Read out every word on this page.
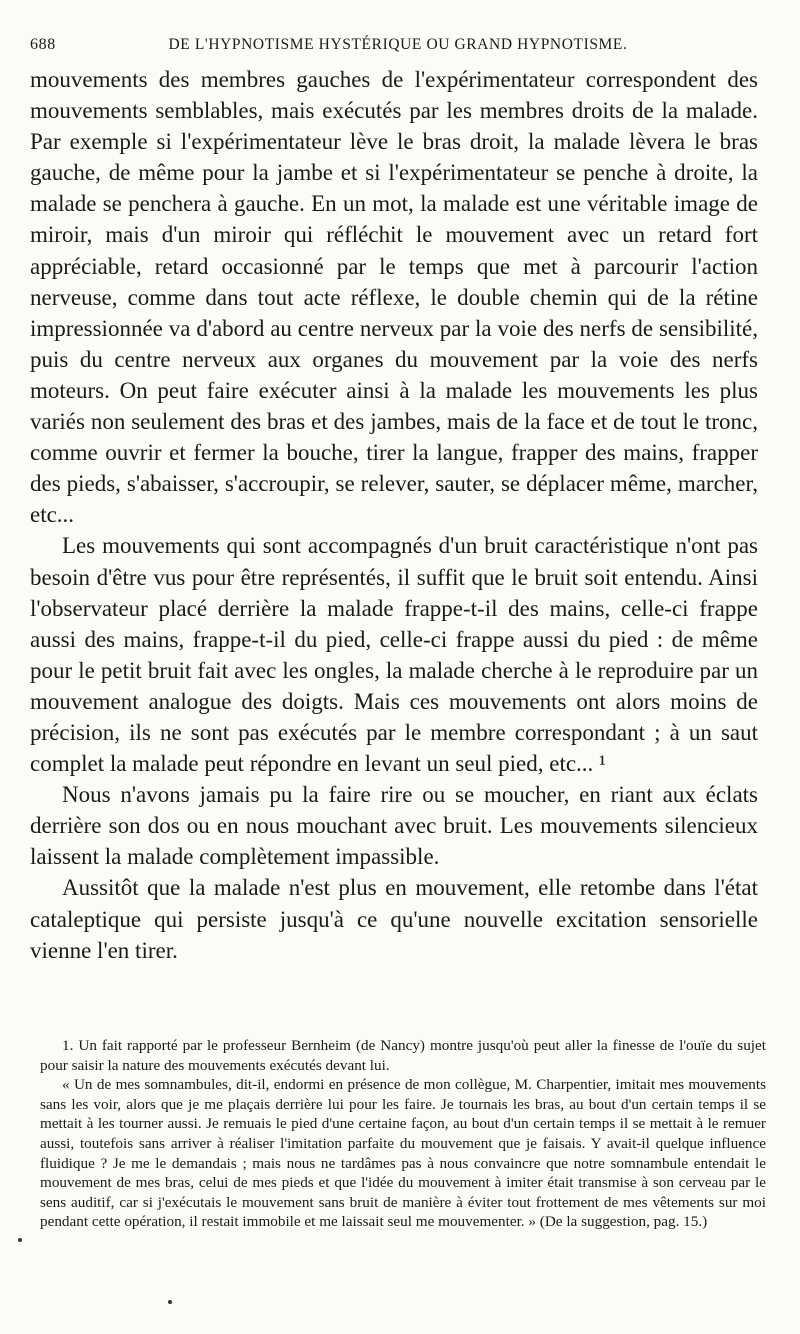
688	DE L'HYPNOTISME HYSTÉRIQUE OU GRAND HYPNOTISME.

mouvements des membres gauches de l'expérimentateur correspondent des mouvements semblables, mais exécutés par les membres droits de la malade. Par exemple si l'expérimentateur lève le bras droit, la malade lèvera le bras gauche, de même pour la jambe et si l'expérimentateur se penche à droite, la malade se penchera à gauche. En un mot, la malade est une véritable image de miroir, mais d'un miroir qui réfléchit le mouvement avec un retard fort appréciable, retard occasionné par le temps que met à parcourir l'action nerveuse, comme dans tout acte réflexe, le double chemin qui de la rétine impressionnée va d'abord au centre nerveux par la voie des nerfs de sensibilité, puis du centre nerveux aux organes du mouvement par la voie des nerfs moteurs. On peut faire exécuter ainsi à la malade les mouvements les plus variés non seulement des bras et des jambes, mais de la face et de tout le tronc, comme ouvrir et fermer la bouche, tirer la langue, frapper des mains, frapper des pieds, s'abaisser, s'accroupir, se relever, sauter, se déplacer même, marcher, etc...

Les mouvements qui sont accompagnés d'un bruit caractéristique n'ont pas besoin d'être vus pour être représentés, il suffit que le bruit soit entendu. Ainsi l'observateur placé derrière la malade frappe-t-il des mains, celle-ci frappe aussi des mains, frappe-t-il du pied, celle-ci frappe aussi du pied : de même pour le petit bruit fait avec les ongles, la malade cherche à le reproduire par un mouvement analogue des doigts. Mais ces mouvements ont alors moins de précision, ils ne sont pas exécutés par le membre correspondant ; à un saut complet la malade peut répondre en levant un seul pied, etc... ¹

Nous n'avons jamais pu la faire rire ou se moucher, en riant aux éclats derrière son dos ou en nous mouchant avec bruit. Les mouvements silencieux laissent la malade complètement impassible.

Aussitôt que la malade n'est plus en mouvement, elle retombe dans l'état cataleptique qui persiste jusqu'à ce qu'une nouvelle excitation sensorielle vienne l'en tirer.

1. Un fait rapporté par le professeur Bernheim (de Nancy) montre jusqu'où peut aller la finesse de l'ouïe du sujet pour saisir la nature des mouvements exécutés devant lui.

« Un de mes somnambules, dit-il, endormi en présence de mon collègue, M. Charpentier, imitait mes mouvements sans les voir, alors que je me plaçais derrière lui pour les faire. Je tournais les bras, au bout d'un certain temps il se mettait à les tourner aussi. Je remuais le pied d'une certaine façon, au bout d'un certain temps il se mettait à le remuer aussi, toutefois sans arriver à réaliser l'imitation parfaite du mouvement que je faisais. Y avait-il quelque influence fluidique ? Je me le demandais ; mais nous ne tardâmes pas à nous convaincre que notre somnambule entendait le mouvement de mes bras, celui de mes pieds et que l'idée du mouvement à imiter était transmise à son cerveau par le sens auditif, car si j'exécutais le mouvement sans bruit de manière à éviter tout frottement de mes vêtements sur moi pendant cette opération, il restait immobile et me laissait seul me mouvementer. » (De la suggestion, pag. 15.)
